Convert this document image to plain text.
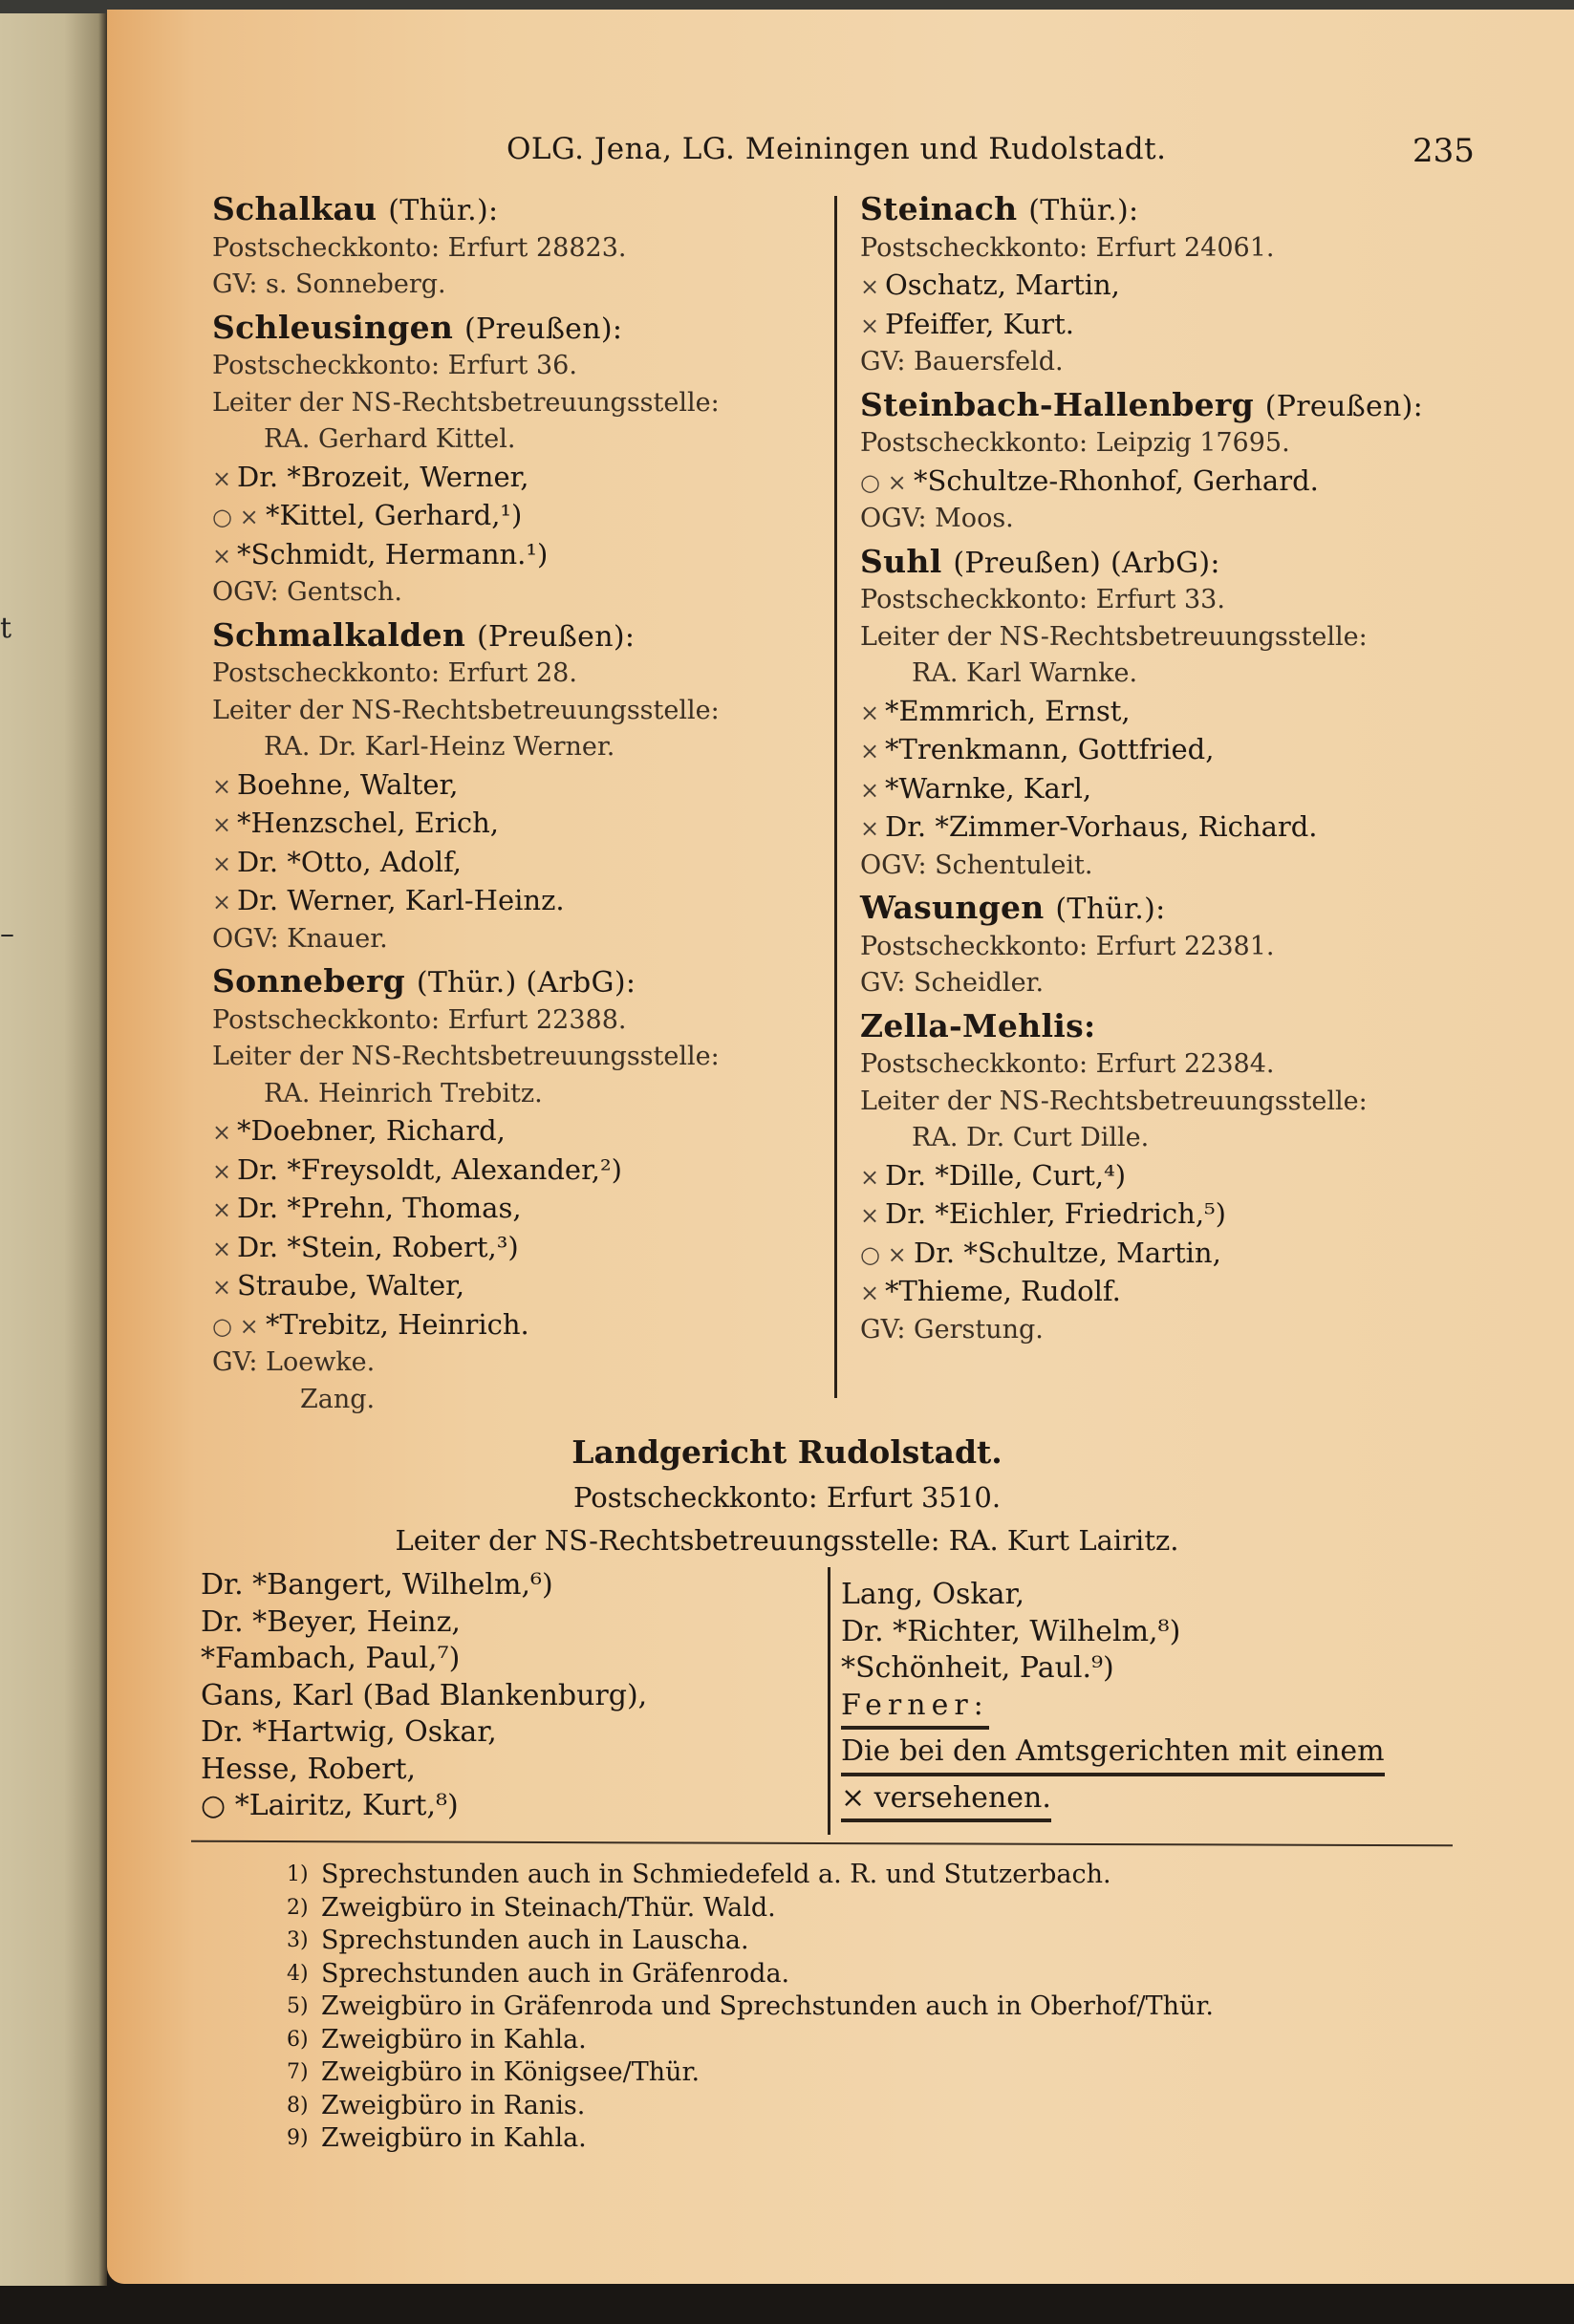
t
–
OLG. Jena, LG. Meiningen und Rudolstadt.	235
Schalkau (Thür.):
Postscheckkonto: Erfurt 28823.
GV: s. Sonneberg.
Schleusingen (Preußen):
Postscheckkonto: Erfurt 36.
Leiter der NS-Rechtsbetreuungsstelle:
RA. Gerhard Kittel.
× Dr. *Brozeit, Werner,
○ × *Kittel, Gerhard,¹)
× *Schmidt, Hermann.¹)
OGV: Gentsch.
Schmalkalden (Preußen):
Postscheckkonto: Erfurt 28.
Leiter der NS-Rechtsbetreuungsstelle:
RA. Dr. Karl-Heinz Werner.
× Boehne, Walter,
× *Henzschel, Erich,
× Dr. *Otto, Adolf,
× Dr. Werner, Karl-Heinz.
OGV: Knauer.
Sonneberg (Thür.) (ArbG):
Postscheckkonto: Erfurt 22388.
Leiter der NS-Rechtsbetreuungsstelle:
RA. Heinrich Trebitz.
× *Doebner, Richard,
× Dr. *Freysoldt, Alexander,²)
× Dr. *Prehn, Thomas,
× Dr. *Stein, Robert,³)
× Straube, Walter,
○ × *Trebitz, Heinrich.
GV: Loewke.
Zang.
Steinach (Thür.):
Postscheckkonto: Erfurt 24061.
× Oschatz, Martin,
× Pfeiffer, Kurt.
GV: Bauersfeld.
Steinbach-Hallenberg (Preußen):
Postscheckkonto: Leipzig 17695.
○ × *Schultze-Rhonhof, Gerhard.
OGV: Moos.
Suhl (Preußen) (ArbG):
Postscheckkonto: Erfurt 33.
Leiter der NS-Rechtsbetreuungsstelle:
RA. Karl Warnke.
× *Emmrich, Ernst,
× *Trenkmann, Gottfried,
× *Warnke, Karl,
× Dr. *Zimmer-Vorhaus, Richard.
OGV: Schentuleit.
Wasungen (Thür.):
Postscheckkonto: Erfurt 22381.
GV: Scheidler.
Zella-Mehlis:
Postscheckkonto: Erfurt 22384.
Leiter der NS-Rechtsbetreuungsstelle:
RA. Dr. Curt Dille.
× Dr. *Dille, Curt,⁴)
× Dr. *Eichler, Friedrich,⁵)
○ × Dr. *Schultze, Martin,
× *Thieme, Rudolf.
GV: Gerstung.
Landgericht Rudolstadt.
Postscheckkonto: Erfurt 3510.
Leiter der NS-Rechtsbetreuungsstelle: RA. Kurt Lairitz.
Dr. *Bangert, Wilhelm,⁶)
Dr. *Beyer, Heinz,
*Fambach, Paul,⁷)
Gans, Karl (Bad Blankenburg),
Dr. *Hartwig, Oskar,
Hesse, Robert,
○ *Lairitz, Kurt,⁸)
Lang, Oskar,
Dr. *Richter, Wilhelm,⁸)
*Schönheit, Paul.⁹)
Ferner:
Die bei den Amtsgerichten mit einem
× versehenen.
1) Sprechstunden auch in Schmiedefeld a. R. und Stutzerbach.
2) Zweigbüro in Steinach/Thür. Wald.
3) Sprechstunden auch in Lauscha.
4) Sprechstunden auch in Gräfenroda.
5) Zweigbüro in Gräfenroda und Sprechstunden auch in Oberhof/Thür.
6) Zweigbüro in Kahla.
7) Zweigbüro in Königsee/Thür.
8) Zweigbüro in Ranis.
9) Zweigbüro in Kahla.
